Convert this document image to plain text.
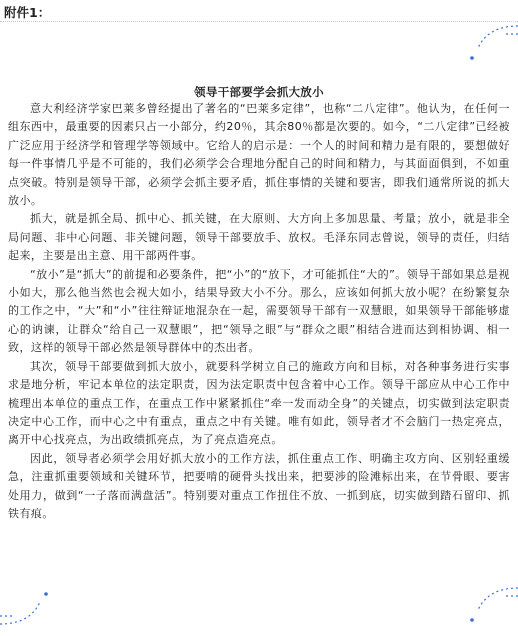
附件1：
领导干部要学会抓大放小

意大利经济学家巴莱多曾经提出了著名的“巴莱多定律”，也称“二八定律”。他认为，在任何一组东西中，最重要的因素只占一小部分，约20％，其余80％都是次要的。如今，“二八定律”已经被广泛应用于经济学和管理学等领域中。它给人的启示是：一个人的时间和精力是有限的，要想做好每一件事情几乎是不可能的，我们必须学会合理地分配自己的时间和精力，与其面面俱到，不如重点突破。特别是领导干部，必须学会抓主要矛盾，抓住事情的关键和要害，即我们通常所说的抓大放小。

抓大，就是抓全局、抓中心、抓关键，在大原则、大方向上多加思量、考量；放小，就是非全局问题、非中心问题、非关键问题，领导干部要放手、放权。毛泽东同志曾说，领导的责任，归结起来，主要是出主意、用干部两件事。

“放小”是“抓大”的前提和必要条件，把“小”的“放下，才可能抓住“大的”。领导干部如果总是视小如大，那么他当然也会视大如小，结果导致大小不分。那么，应该如何抓大放小呢？在纷繁复杂的工作之中，“大”和“小”往往辩证地混杂在一起，需要领导干部有一双慧眼，如果领导干部能够虚心的讷谏，让群众“给自己一双慧眼”，把“领导之眼”与“群众之眼”相结合进而达到相协调、相一致，这样的领导干部必然是领导群体中的杰出者。

其次，领导干部要做到抓大放小，就要科学树立自己的施政方向和目标，对各种事务进行实事求是地分析，牢记本单位的法定职责，因为法定职责中包含着中心工作。领导干部应从中心工作中梳理出本单位的重点工作，在重点工作中紧紧抓住“牵一发而动全身”的关键点，切实做到法定职责决定中心工作，而中心之中有重点，重点之中有关键。唯有如此，领导者才不会脑门一热定亮点，离开中心找亮点，为出政绩抓亮点，为了亮点造亮点。

因此，领导者必须学会用好抓大放小的工作方法，抓住重点工作、明确主攻方向、区别轻重缓急，注重抓重要领域和关键环节，把要啃的硬骨头找出来，把要涉的险滩标出来，在节骨眼、要害处用力，做到“一子落而满盘活”。特别要对重点工作扭住不放、一抓到底，切实做到踏石留印、抓铁有痕。
